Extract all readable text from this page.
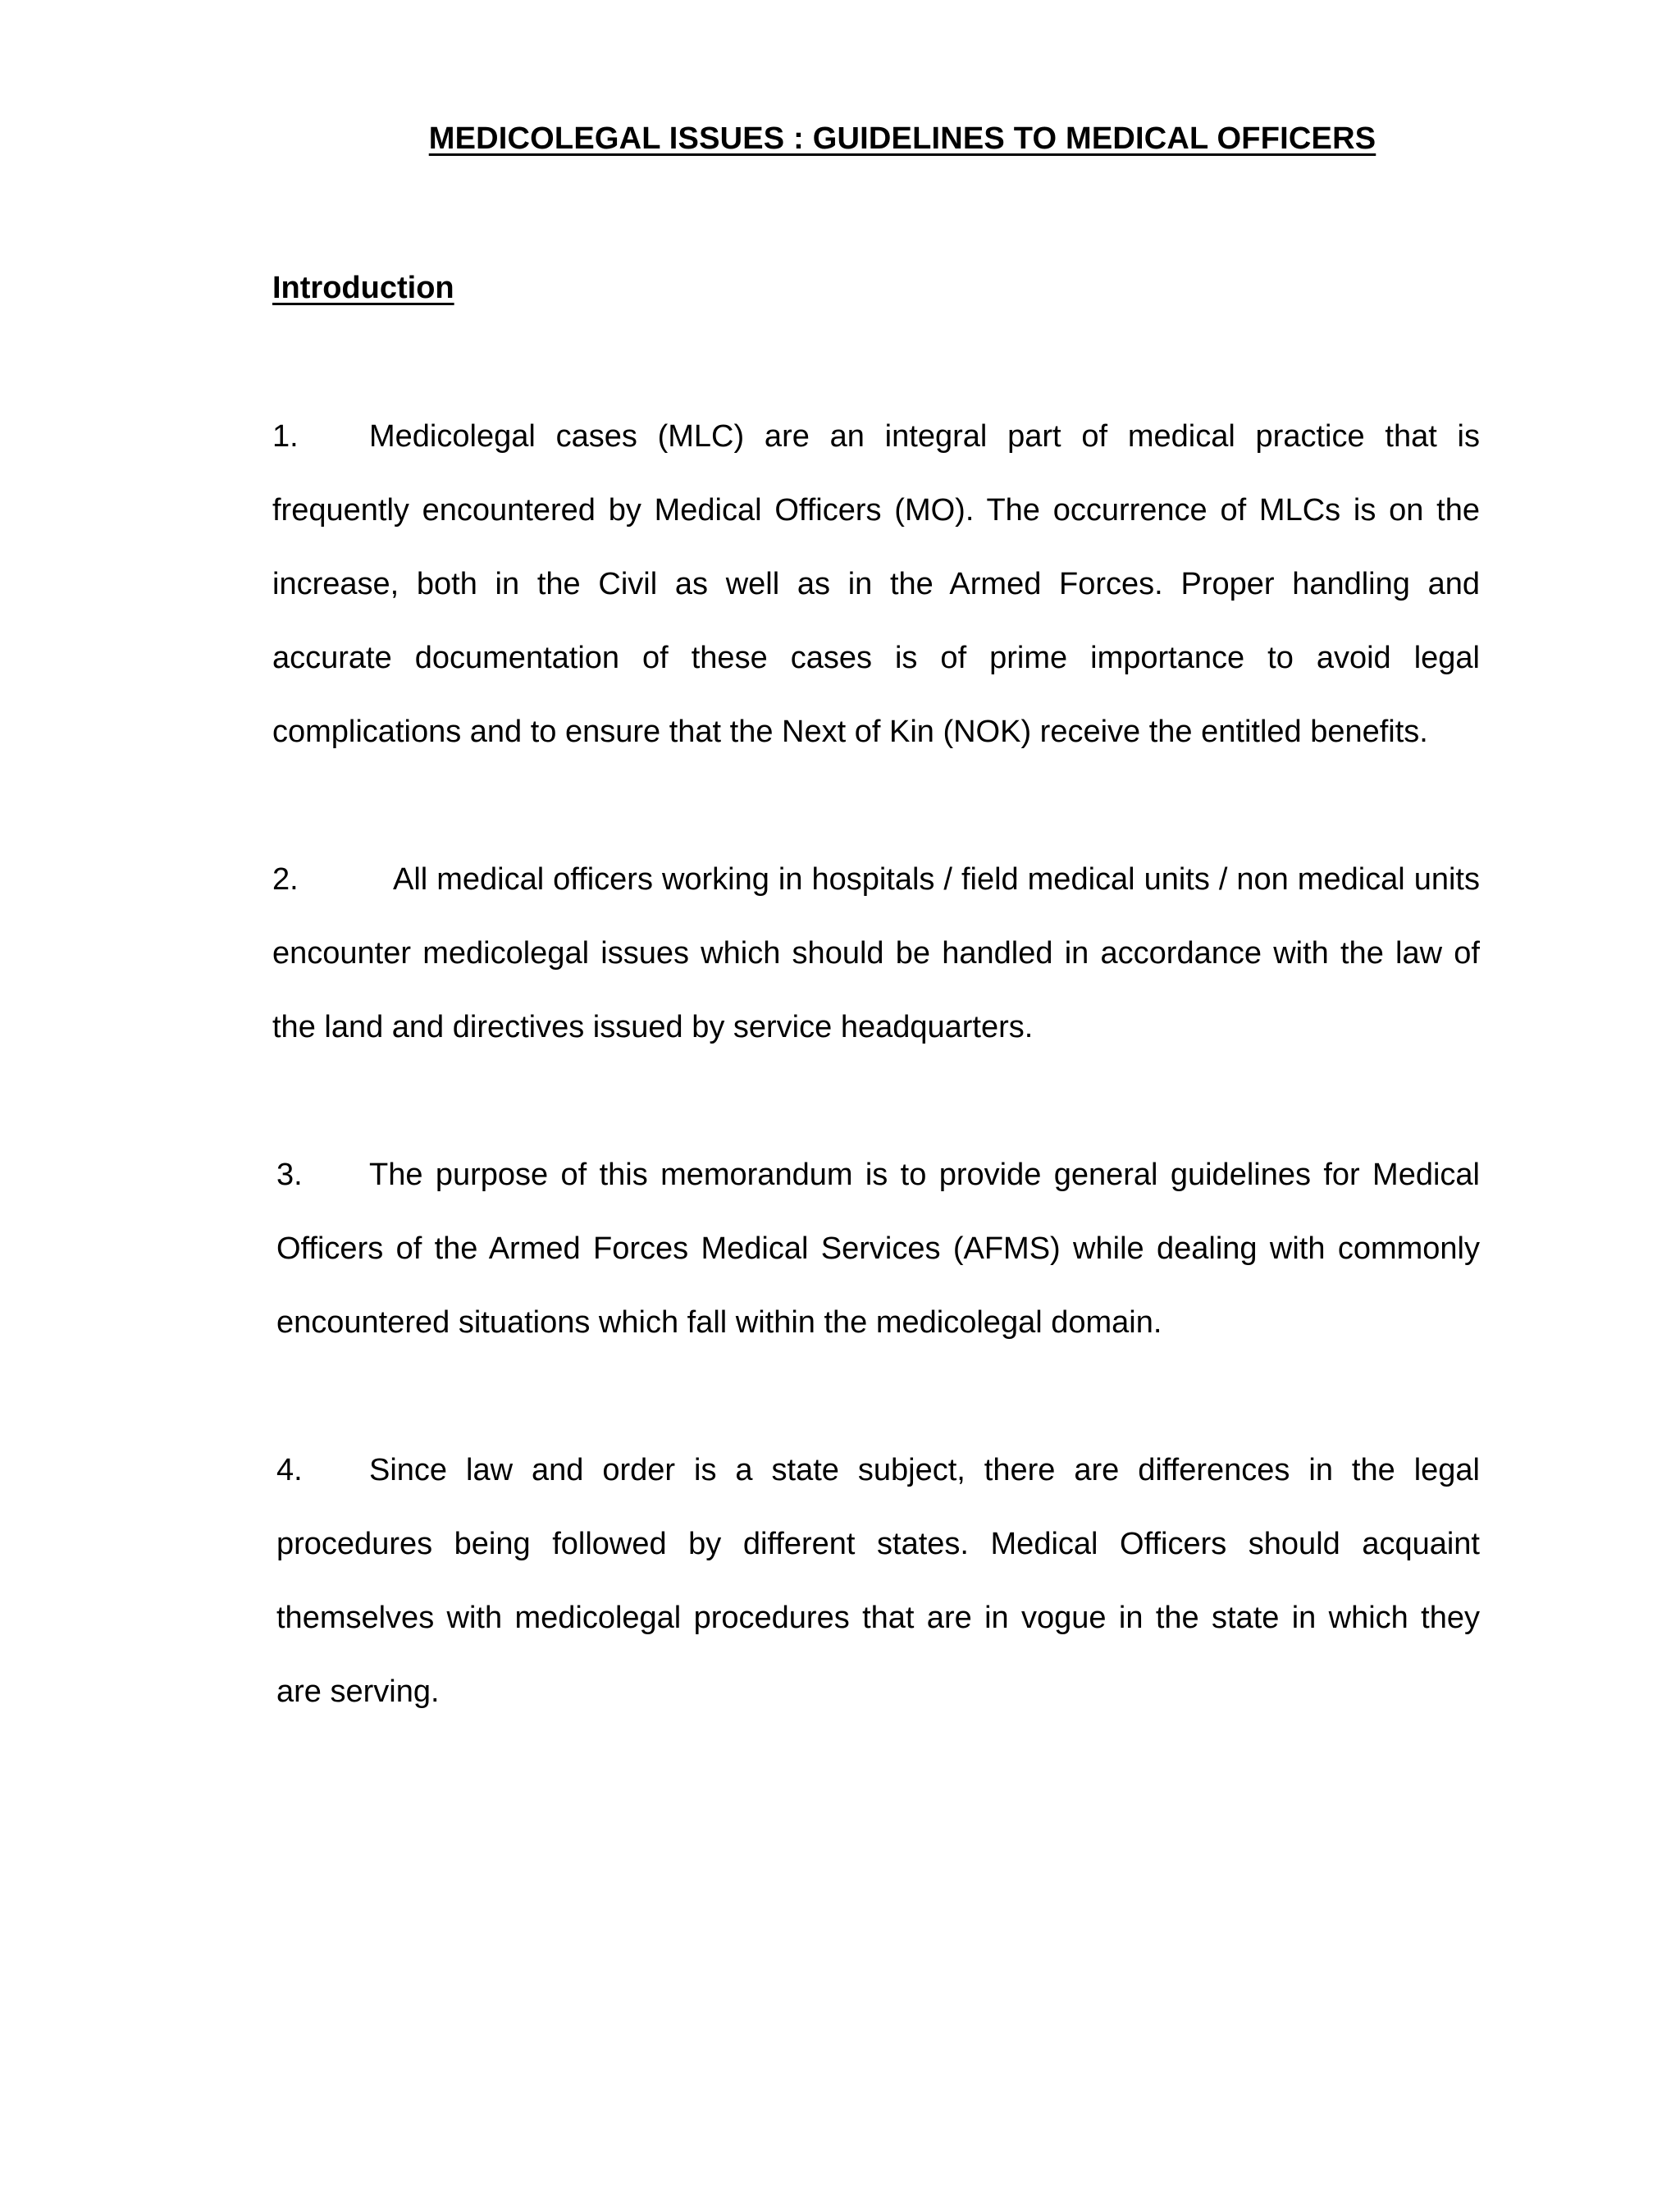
MEDICOLEGAL ISSUES : GUIDELINES TO MEDICAL OFFICERS
Introduction
1. Medicolegal cases (MLC) are an integral part of medical practice that is frequently encountered by Medical Officers (MO). The occurrence of MLCs is on the increase, both in the Civil as well as in the Armed Forces. Proper handling and accurate documentation of these cases is of prime importance to avoid legal complications and to ensure that the Next of Kin (NOK) receive the entitled benefits.
2.	All medical officers working in hospitals / field medical units / non medical units encounter medicolegal issues which should be handled in accordance with the law of the land and directives issued by service headquarters.
3. The purpose of this memorandum is to provide general guidelines for Medical Officers of the Armed Forces Medical Services (AFMS) while dealing with commonly encountered situations which fall within the medicolegal domain.
4. Since law and order is a state subject, there are differences in the legal procedures being followed by different states. Medical Officers should acquaint themselves with medicolegal procedures that are in vogue in the state in which they are serving.
